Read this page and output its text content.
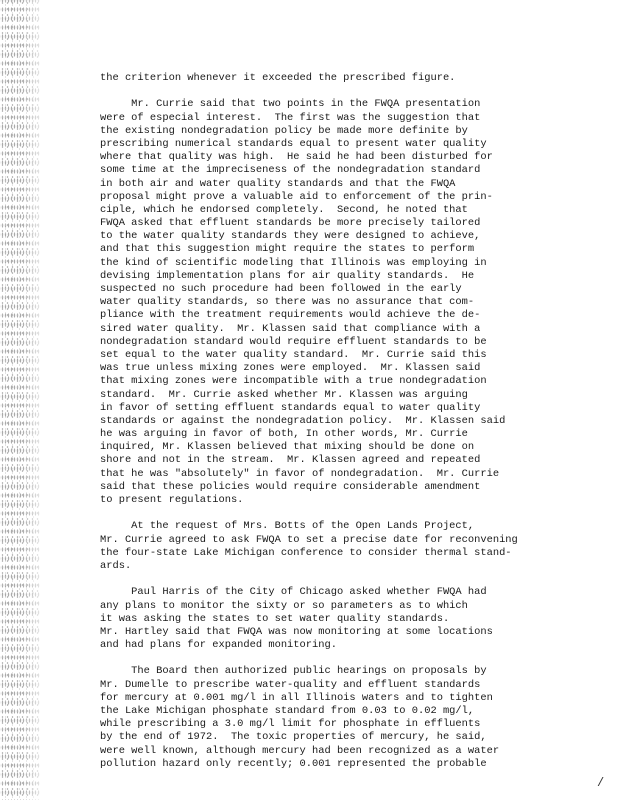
the criterion whenever it exceeded the prescribed figure.
Mr. Currie said that two points in the FWQA presentation
were of especial interest.  The first was the suggestion that
the existing nondegradation policy be made more definite by
prescribing numerical standards equal to present water quality
where that quality was high.  He said he had been disturbed for
some time at the impreciseness of the nondegradation standard
in both air and water quality standards and that the FWQA
proposal might prove a valuable aid to enforcement of the prin-
ciple, which he endorsed completely.  Second, he noted that
FWQA asked that effluent standards be more precisely tailored
to the water quality standards they were designed to achieve,
and that this suggestion might require the states to perform
the kind of scientific modeling that Illinois was employing in
devising implementation plans for air quality standards.  He
suspected no such procedure had been followed in the early
water quality standards, so there was no assurance that com-
pliance with the treatment requirements would achieve the de-
sired water quality.  Mr. Klassen said that compliance with a
nondegradation standard would require effluent standards to be
set equal to the water quality standard.  Mr. Currie said this
was true unless mixing zones were employed.  Mr. Klassen said
that mixing zones were incompatible with a true nondegradation
standard.  Mr. Currie asked whether Mr. Klassen was arguing
in favor of setting effluent standards equal to water quality
standards or against the nondegradation policy.  Mr. Klassen said
he was arguing in favor of both, In other words, Mr. Currie
inquired, Mr. Klassen believed that mixing should be done on
shore and not in the stream.  Mr. Klassen agreed and repeated
that he was "absolutely" in favor of nondegradation.  Mr. Currie
said that these policies would require considerable amendment
to present regulations.
At the request of Mrs. Botts of the Open Lands Project,
Mr. Currie agreed to ask FWQA to set a precise date for reconvening
the four-state Lake Michigan conference to consider thermal stand-
ards.
Paul Harris of the City of Chicago asked whether FWQA had
any plans to monitor the sixty or so parameters as to which
it was asking the states to set water quality standards.
Mr. Hartley said that FWQA was now monitoring at some locations
and had plans for expanded monitoring.
The Board then authorized public hearings on proposals by
Mr. Dumelle to prescribe water-quality and effluent standards
for mercury at 0.001 mg/l in all Illinois waters and to tighten
the Lake Michigan phosphate standard from 0.03 to 0.02 mg/l,
while prescribing a 3.0 mg/l limit for phosphate in effluents
by the end of 1972.  The toxic properties of mercury, he said,
were well known, although mercury had been recognized as a water
pollution hazard only recently; 0.001 represented the probable
/
